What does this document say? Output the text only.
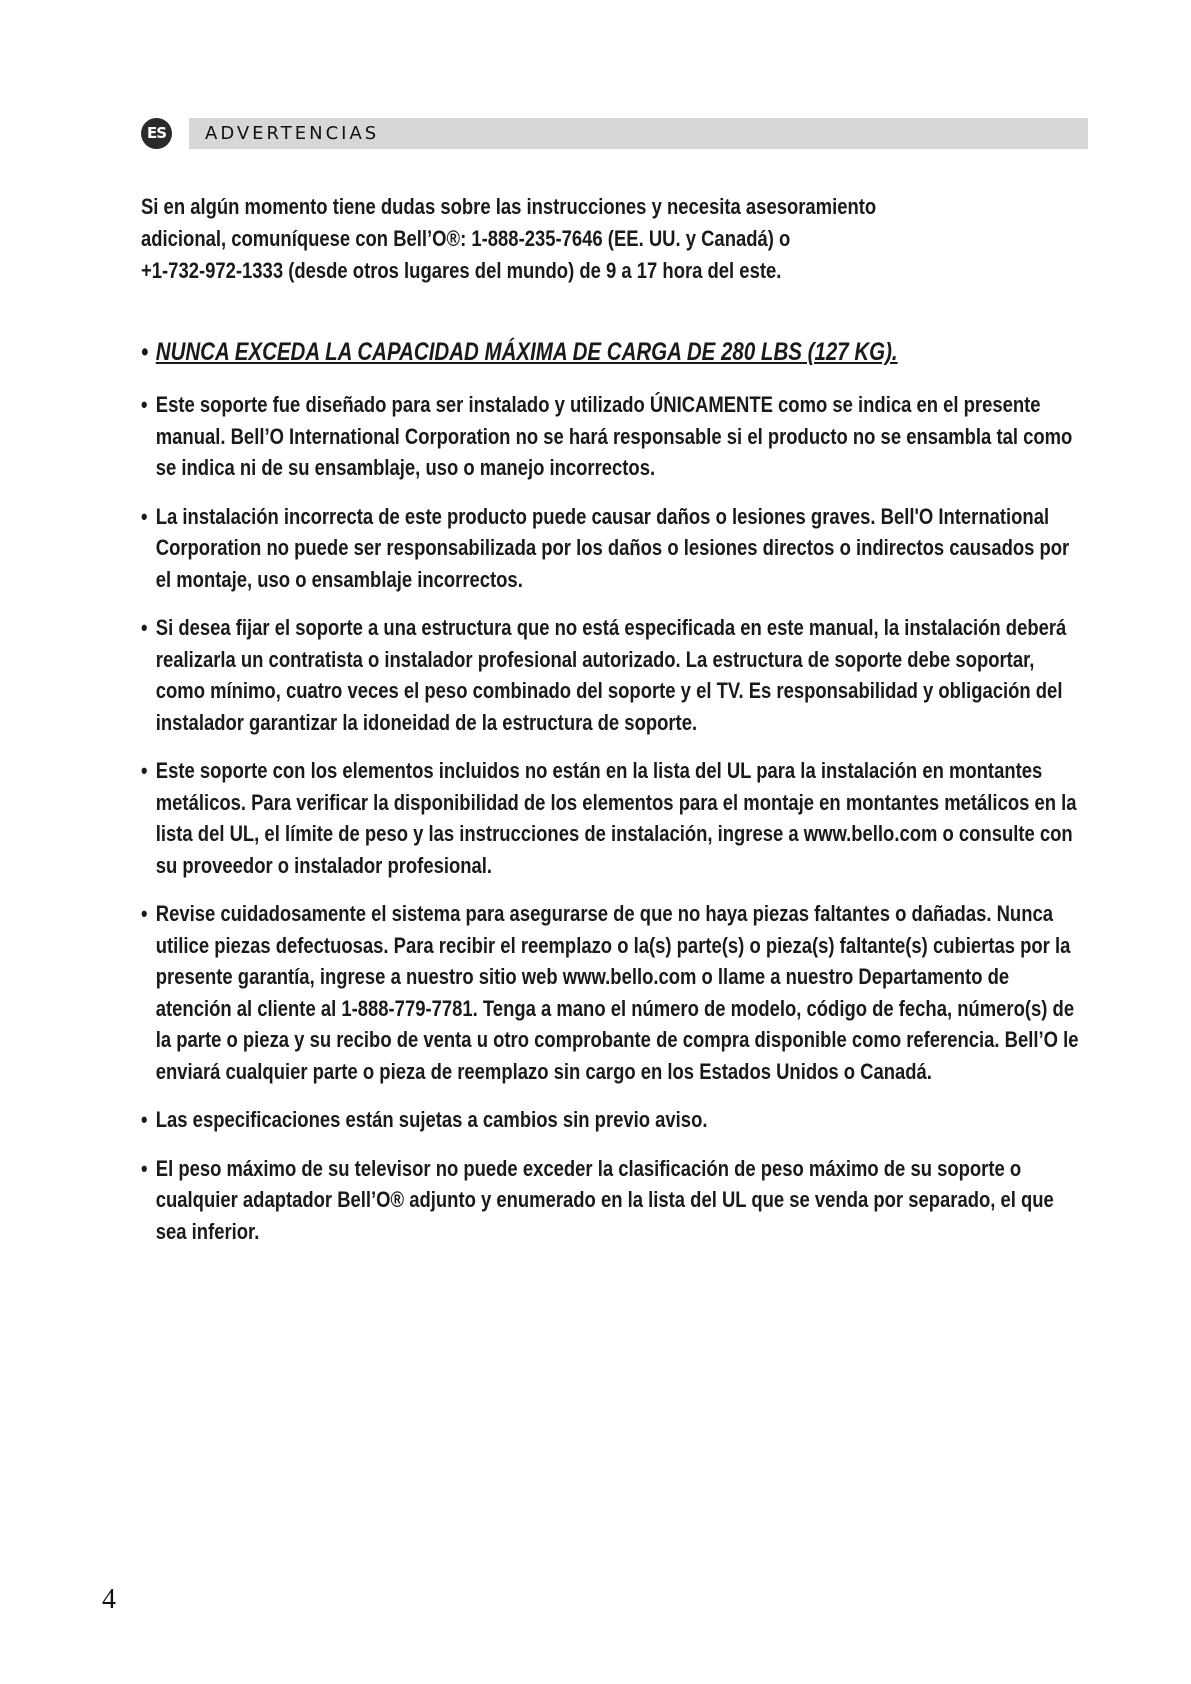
ES	ADVERTENCIAS
Si en algún momento tiene dudas sobre las instrucciones y necesita asesoramiento
adicional, comuníquese con Bell’O®: 1-888-235-7646 (EE. UU. y Canadá) o
+1-732-972-1333 (desde otros lugares del mundo) de 9 a 17 hora del este.
• NUNCA EXCEDA LA CAPACIDAD MÁXIMA DE CARGA DE 280 LBS (127 KG).
• Este soporte fue diseñado para ser instalado y utilizado ÚNICAMENTE como se indica en el presente manual. Bell’O International Corporation no se hará responsable si el producto no se ensambla tal como se indica ni de su ensamblaje, uso o manejo incorrectos.
• La instalación incorrecta de este producto puede causar daños o lesiones graves. Bell'O International Corporation no puede ser responsabilizada por los daños o lesiones directos o indirectos causados por el montaje, uso o ensamblaje incorrectos.
• Si desea fijar el soporte a una estructura que no está especificada en este manual, la instalación deberá realizarla un contratista o instalador profesional autorizado. La estructura de soporte debe soportar, como mínimo, cuatro veces el peso combinado del soporte y el TV. Es responsabilidad y obligación del instalador garantizar la idoneidad de la estructura de soporte.
• Este soporte con los elementos incluidos no están en la lista del UL para la instalación en montantes metálicos. Para verificar la disponibilidad de los elementos para el montaje en montantes metálicos en la lista del UL, el límite de peso y las instrucciones de instalación, ingrese a www.bello.com o consulte con su proveedor o instalador profesional.
• Revise cuidadosamente el sistema para asegurarse de que no haya piezas faltantes o dañadas. Nunca utilice piezas defectuosas. Para recibir el reemplazo o la(s) parte(s) o pieza(s) faltante(s) cubiertas por la presente garantía, ingrese a nuestro sitio web www.bello.com o llame a nuestro Departamento de atención al cliente al 1-888-779-7781. Tenga a mano el número de modelo, código de fecha, número(s) de la parte o pieza y su recibo de venta u otro comprobante de compra disponible como referencia. Bell’O le enviará cualquier parte o pieza de reemplazo sin cargo en los Estados Unidos o Canadá.
• Las especificaciones están sujetas a cambios sin previo aviso.
• El peso máximo de su televisor no puede exceder la clasificación de peso máximo de su soporte o cualquier adaptador Bell’O® adjunto y enumerado en la lista del UL que se venda por separado, el que sea inferior.
4
